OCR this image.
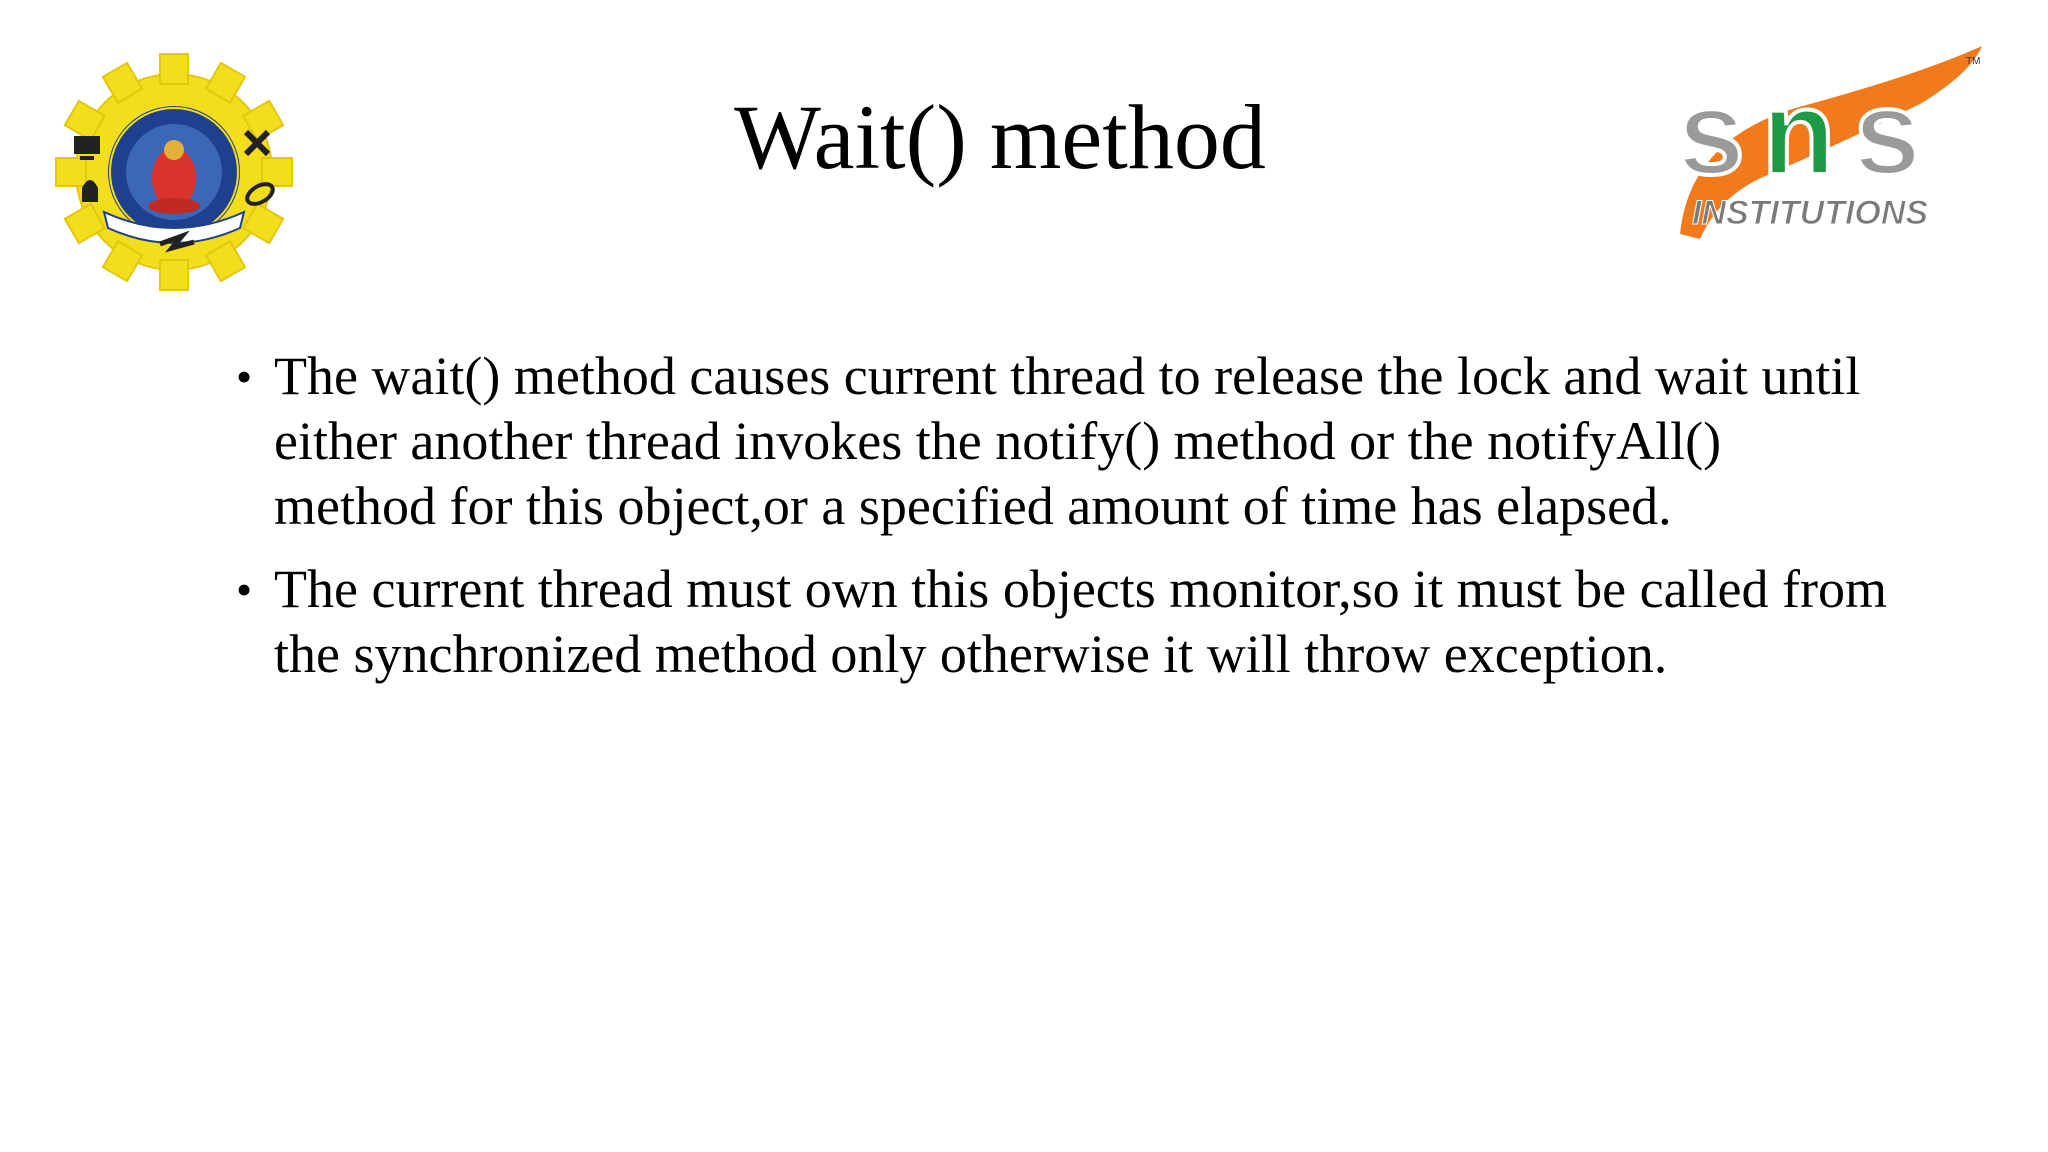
Wait() method	s n s
INSTITUTIONS
TM
• The wait() method causes current thread to release the lock and wait until either another thread invokes the notify() method or the notifyAll() method for this object,or a specified amount of time has elapsed.
• The current thread must own this objects monitor,so it must be called from the synchronized method only otherwise it will throw exception.
